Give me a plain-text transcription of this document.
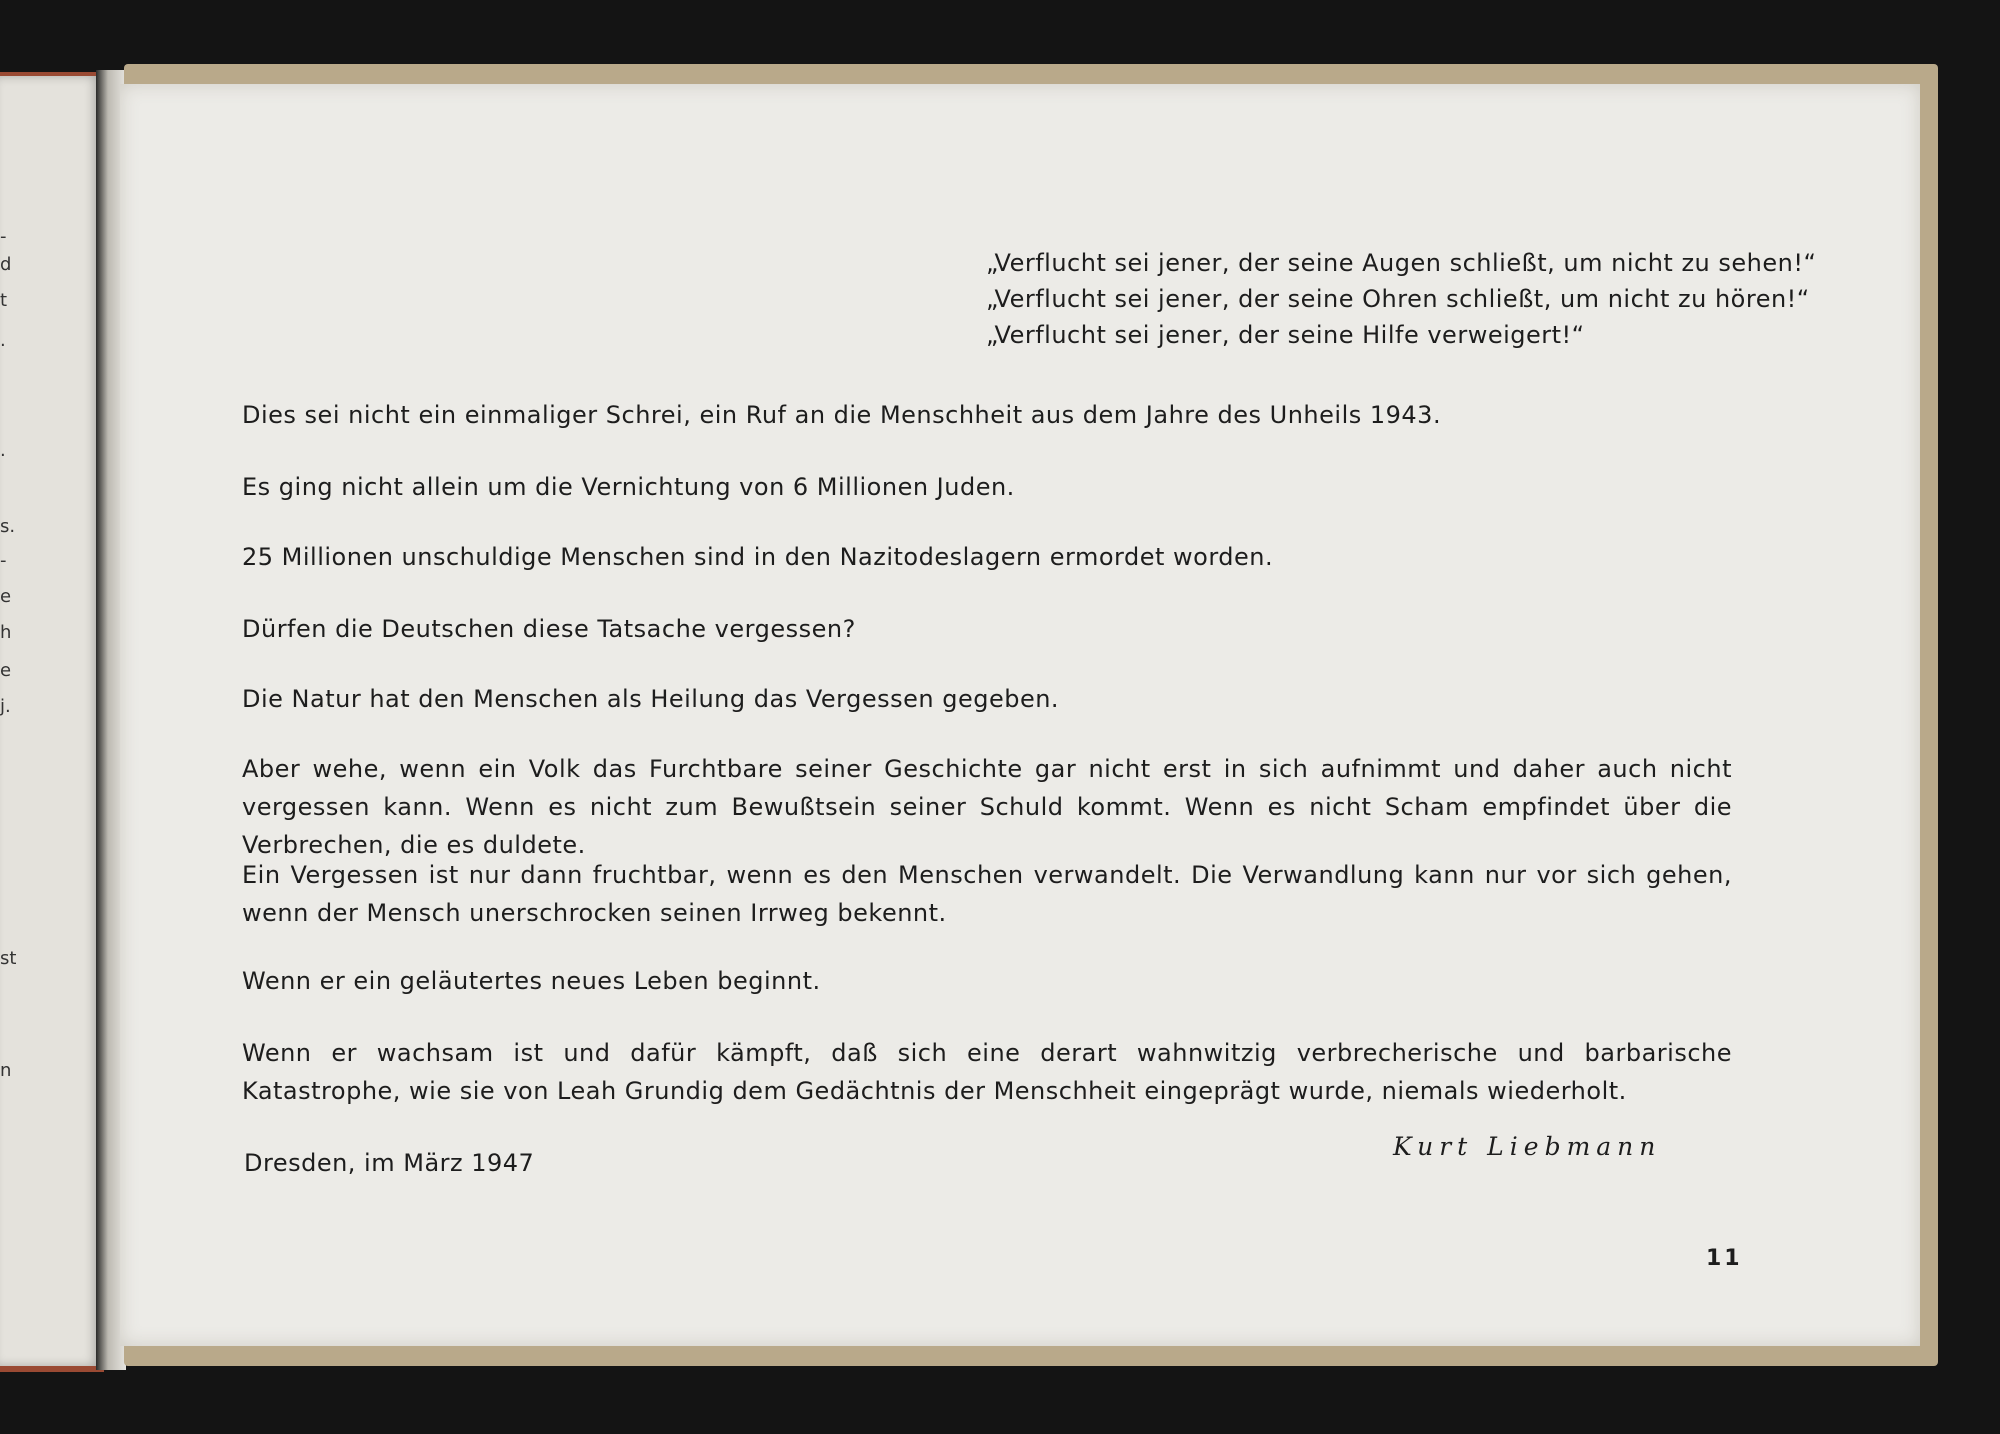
-
d
t
.
.
s.
-
e
h
e
j.
st
n
„Verflucht sei jener, der seine Augen schließt, um nicht zu sehen!“
„Verflucht sei jener, der seine Ohren schließt, um nicht zu hören!“
„Verflucht sei jener, der seine Hilfe verweigert!“
Dies sei nicht ein einmaliger Schrei, ein Ruf an die Menschheit aus dem Jahre des Unheils 1943.
Es ging nicht allein um die Vernichtung von 6 Millionen Juden.
25 Millionen unschuldige Menschen sind in den Nazitodeslagern ermordet worden.
Dürfen die Deutschen diese Tatsache vergessen?
Die Natur hat den Menschen als Heilung das Vergessen gegeben.
Aber wehe, wenn ein Volk das Furchtbare seiner Geschichte gar nicht erst in sich aufnimmt und daher auch nicht vergessen kann. Wenn es nicht zum Bewußtsein seiner Schuld kommt. Wenn es nicht Scham empfindet über die Verbrechen, die es duldete.
Ein Vergessen ist nur dann fruchtbar, wenn es den Menschen verwandelt. Die Verwandlung kann nur vor sich gehen, wenn der Mensch unerschrocken seinen Irrweg bekennt.
Wenn er ein geläutertes neues Leben beginnt.
Wenn er wachsam ist und dafür kämpft, daß sich eine derart wahnwitzig verbrecherische und barbarische Katastrophe, wie sie von Leah Grundig dem Gedächtnis der Menschheit eingeprägt wurde, niemals wiederholt.
Dresden, im März 1947
Kurt Liebmann
11
